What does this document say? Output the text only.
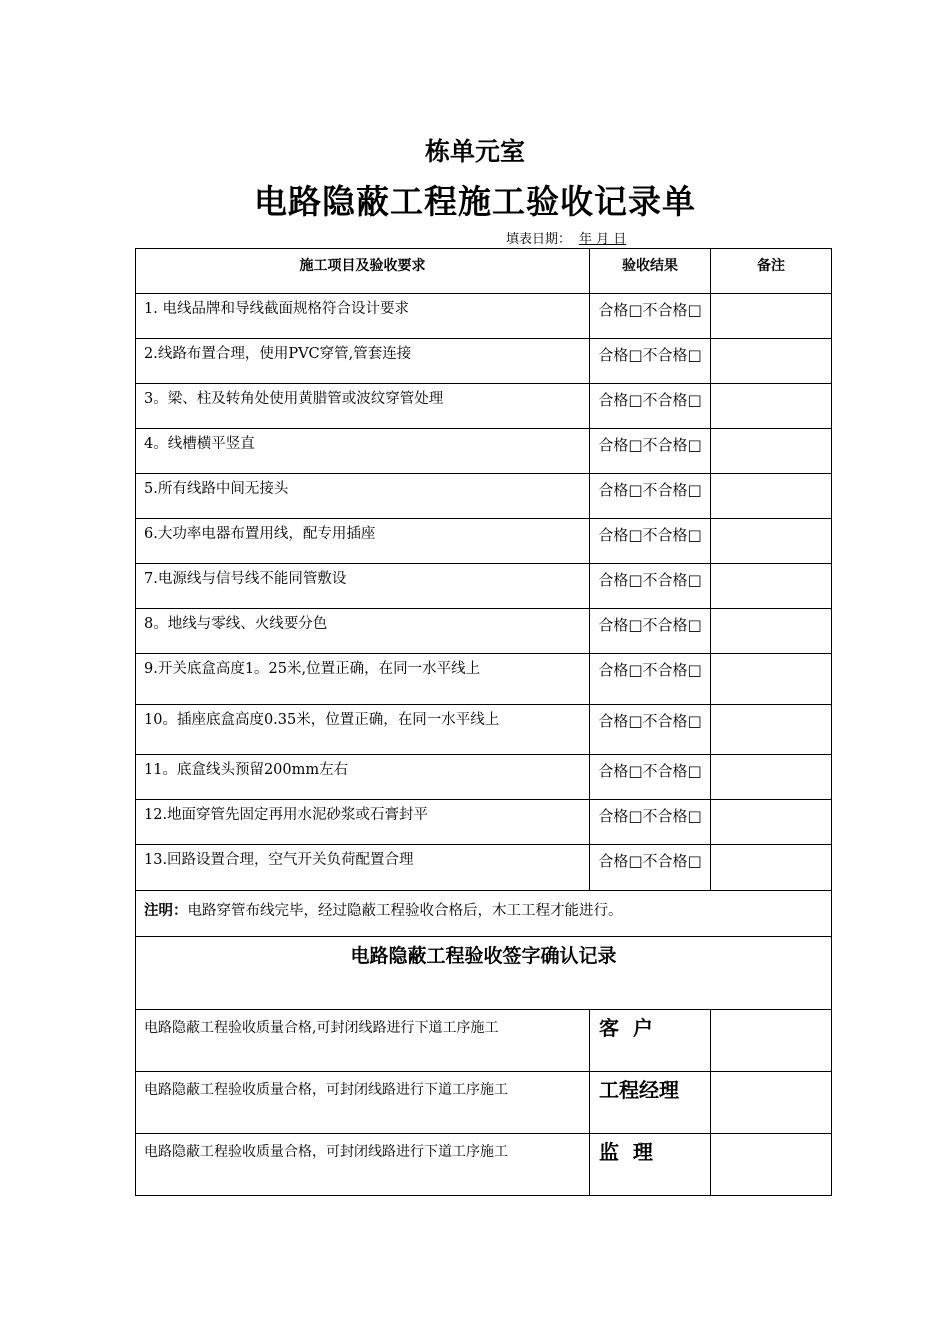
栋单元室
电路隐蔽工程施工验收记录单
填表日期：年 月 日
施工项目及验收要求	验收结果	备注
1. 电线品牌和导线截面规格符合设计要求	合格□不合格□	
2.线路布置合理，使用PVC穿管,管套连接	合格□不合格□	
3。梁、柱及转角处使用黄腊管或波纹穿管处理	合格□不合格□	
4。线槽横平竖直	合格□不合格□	
5.所有线路中间无接头	合格□不合格□	
6.大功率电器布置用线，配专用插座	合格□不合格□	
7.电源线与信号线不能同管敷设	合格□不合格□	
8。地线与零线、火线要分色	合格□不合格□	
9.开关底盒高度1。25米,位置正确，在同一水平线上	合格□不合格□	
10。插座底盒高度0.35米，位置正确，在同一水平线上	合格□不合格□	
11。底盒线头预留200mm左右	合格□不合格□	
12.地面穿管先固定再用水泥砂浆或石膏封平	合格□不合格□	
13.回路设置合理，空气开关负荷配置合理	合格□不合格□	
注明：电路穿管布线完毕，经过隐蔽工程验收合格后，木工工程才能进行。		
电路隐蔽工程验收签字确认记录		
电路隐蔽工程验收质量合格,可封闭线路进行下道工序施工	客  户	
电路隐蔽工程验收质量合格，可封闭线路进行下道工序施工	工程经理	
电路隐蔽工程验收质量合格，可封闭线路进行下道工序施工	监  理	
